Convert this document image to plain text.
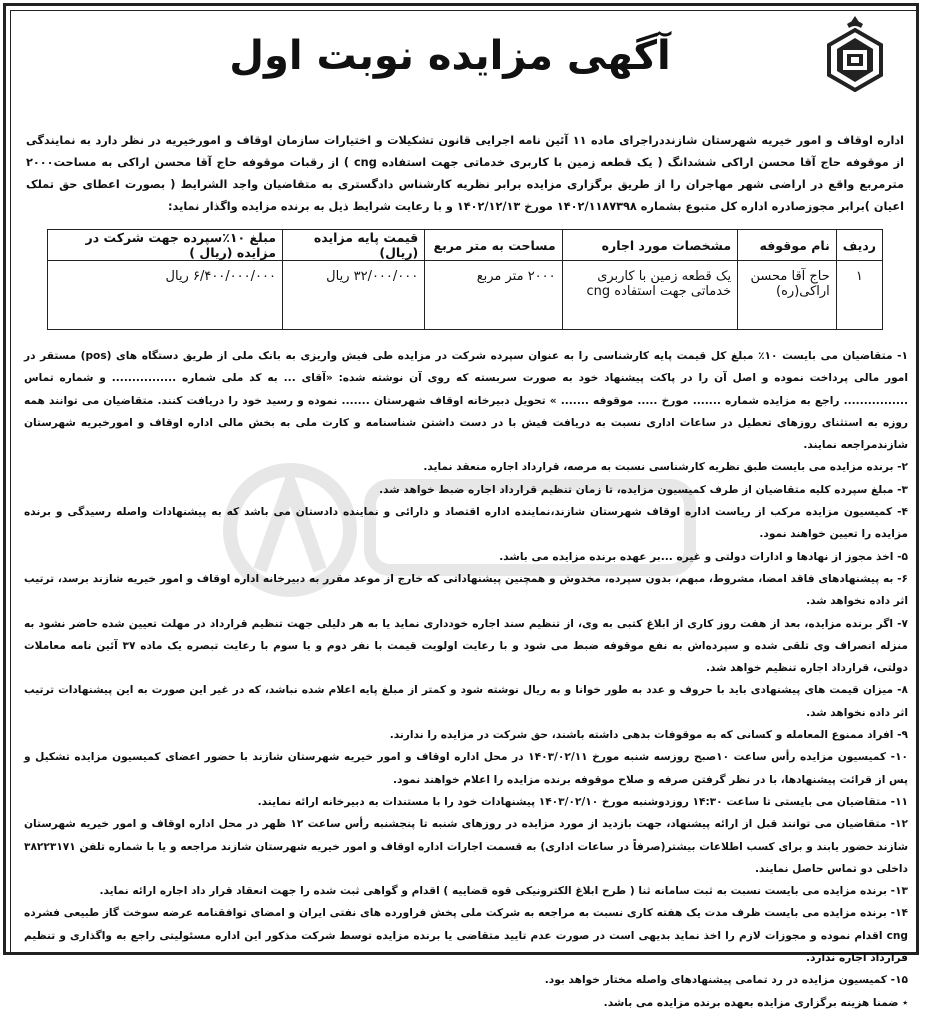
آگهی مزایده نوبت اول
اداره اوقاف و امور خیریه شهرستان شازنددراجرای ماده ۱۱ آئین نامه اجرایی قانون تشکیلات و اختیارات سازمان اوقاف و امورخیریه در نظر دارد به نمایندگی از موقوفه حاج آقا محسن اراکی ششدانگ ( یک قطعه زمین با کاربری خدماتی جهت استفاده cng ) از رقبات موقوفه حاج آقا محسن اراکی به مساحت۲۰۰۰ مترمربع واقع در اراضی شهر مهاجران را از طریق برگزاری مزایده برابر نظریه کارشناس دادگستری به متقاضیان واجد الشرایط ( بصورت اعطای حق تملک اعیان )برابر مجوزصادره اداره کل متبوع بشماره ۱۴۰۲/۱۱۸۷۳۹۸ مورخ ۱۴۰۲/۱۲/۱۳ و با رعایت شرایط ذیل به برنده مزایده واگذار نماید:
ردیف	نام موقوفه	مشخصات مورد اجاره	مساحت به متر مربع	قیمت پایه مزایده (ریال)	مبلغ ۱۰٪سپرده جهت شرکت در مزایده (ریال )
۱	حاج آقا محسن اراکی(ره)	یک قطعه زمین با کاربری خدماتی جهت استفاده cng	۲۰۰۰ متر مربع	۳۲/۰۰۰/۰۰۰ ریال	۶/۴۰۰/۰۰۰/۰۰۰ ریال

۱- متقاضیان می بایست ۱۰٪ مبلغ کل قیمت پایه کارشناسی را به عنوان سپرده شرکت در مزایده طی فیش واریزی به بانک ملی از طریق دستگاه های (pos) مستقر در امور مالی پرداخت نموده و اصل آن را در پاکت پیشنهاد خود به صورت سربسته که روی آن نوشته شده: «آقای ... به کد ملی شماره ................ و شماره تماس ................ راجع به مزایده شماره ....... مورخ ..... موقوفه ....... » تحویل دبیرخانه اوقاف شهرستان ....... نموده و رسید خود را دریافت کنند. متقاضیان می توانند همه روزه به استثنای روزهای تعطیل در ساعات اداری نسبت به دریافت فیش با در دست داشتن شناسنامه و کارت ملی به بخش مالی اداره اوقاف و امورخیریه شهرستان شازندمراجعه نمایند.

۲- برنده مزایده می بایست طبق نظریه کارشناسی نسبت به مرصه، قرارداد اجاره منعقد نماید.

۳- مبلغ سپرده کلیه متقاضیان از طرف کمیسیون مزایده، تا زمان تنظیم قرارداد اجاره ضبط خواهد شد.

۴- کمیسیون مزایده مرکب از ریاست اداره اوقاف شهرستان شازند،نماینده اداره اقتصاد و دارائی و نماینده دادستان می باشد که به پیشنهادات واصله رسیدگی و برنده مزایده را تعیین خواهند نمود.

۵- اخذ مجوز از نهادها و ادارات دولتی و غیره ...بر عهده برنده مزایده می باشد.

۶- به پیشنهادهای فاقد امضا، مشروط، مبهم، بدون سپرده، مخدوش و همچنین پیشنهاداتی که خارج از موعد مقرر به دبیرخانه اداره اوقاف و امور خیریه شازند برسد، ترتیب اثر داده نخواهد شد.

۷- اگر برنده مزایده، بعد از هفت روز کاری از ابلاغ کتبی به وی، از تنظیم سند اجاره خودداری نماید یا به هر دلیلی جهت تنظیم قرارداد در مهلت تعیین شده حاضر نشود به منزله انصراف وی تلقی شده و سپرده‌اش به نفع موقوفه ضبط می شود و با رعایت اولویت قیمت با نفر دوم و یا سوم با رعایت تبصره یک ماده ۳۷ آئین نامه معاملات دولتی، قرارداد اجاره تنظیم خواهد شد.

۸- میزان قیمت های پیشنهادی باید با حروف و عدد به طور خوانا و به ریال نوشته شود و کمتر از مبلغ پایه اعلام شده نباشد، که در غیر این صورت به این پیشنهادات ترتیب اثر داده نخواهد شد.

۹- افراد ممنوع المعامله و کسانی که به موقوفات بدهی داشته باشند، حق شرکت در مزایده را ندارند.

۱۰- کمیسیون مزایده رأس ساعت ۱۰صبح روزسه شنبه مورخ ۱۴۰۳/۰۲/۱۱ در محل اداره اوقاف و امور خیریه شهرستان شازند با حضور اعضای کمیسیون مزایده تشکیل و پس از قرائت پیشنهادها، با در نظر گرفتن صرفه و صلاح موقوفه برنده مزایده را اعلام خواهند نمود.

۱۱- متقاضیان می بایستی تا ساعت ۱۴:۳۰ روزدوشنبه مورخ ۱۴۰۳/۰۲/۱۰ پیشنهادات خود را با مستندات به دبیرخانه ارائه نمایند.

۱۲- متقاضیان می توانند قبل از ارائه پیشنهاد، جهت بازدید از مورد مزایده در روزهای شنبه تا پنجشنبه رأس ساعت ۱۲ ظهر در محل اداره اوقاف و امور خیریه شهرستان شازند حضور یابند و برای کسب اطلاعات بیشتر(صرفاً در ساعات اداری) به قسمت اجارات اداره اوقاف و امور خیریه شهرستان شازند مراجعه و یا با شماره تلفن ۳۸۲۲۳۱۷۱ داخلی دو تماس حاصل نمایند.

۱۳- برنده مزایده می بایست نسبت به ثبت سامانه ثنا ( طرح ابلاغ الکترونیکی قوه قضاییه ) اقدام و گواهی ثبت شده را جهت انعقاد قرار داد اجاره ارائه نماید.

۱۴- برنده مزایده می بایست ظرف مدت یک هفته کاری نسبت به مراجعه به شرکت ملی پخش فراورده های نفتی ایران و امضای توافقنامه عرضه سوخت گاز طبیعی فشرده cng اقدام نموده و مجوزات لازم را اخذ نماید بدیهی است در صورت عدم تایید متقاضی یا برنده مزایده توسط شرکت مذکور این اداره مسئولیتی راجع به واگذاری و تنظیم قرارداد اجاره ندارد.

۱۵- کمیسیون مزایده در رد تمامی پیشنهادهای واصله مختار خواهد بود.

٭ ضمنا هزینه برگزاری مزایده بعهده برنده مزایده می باشد.
